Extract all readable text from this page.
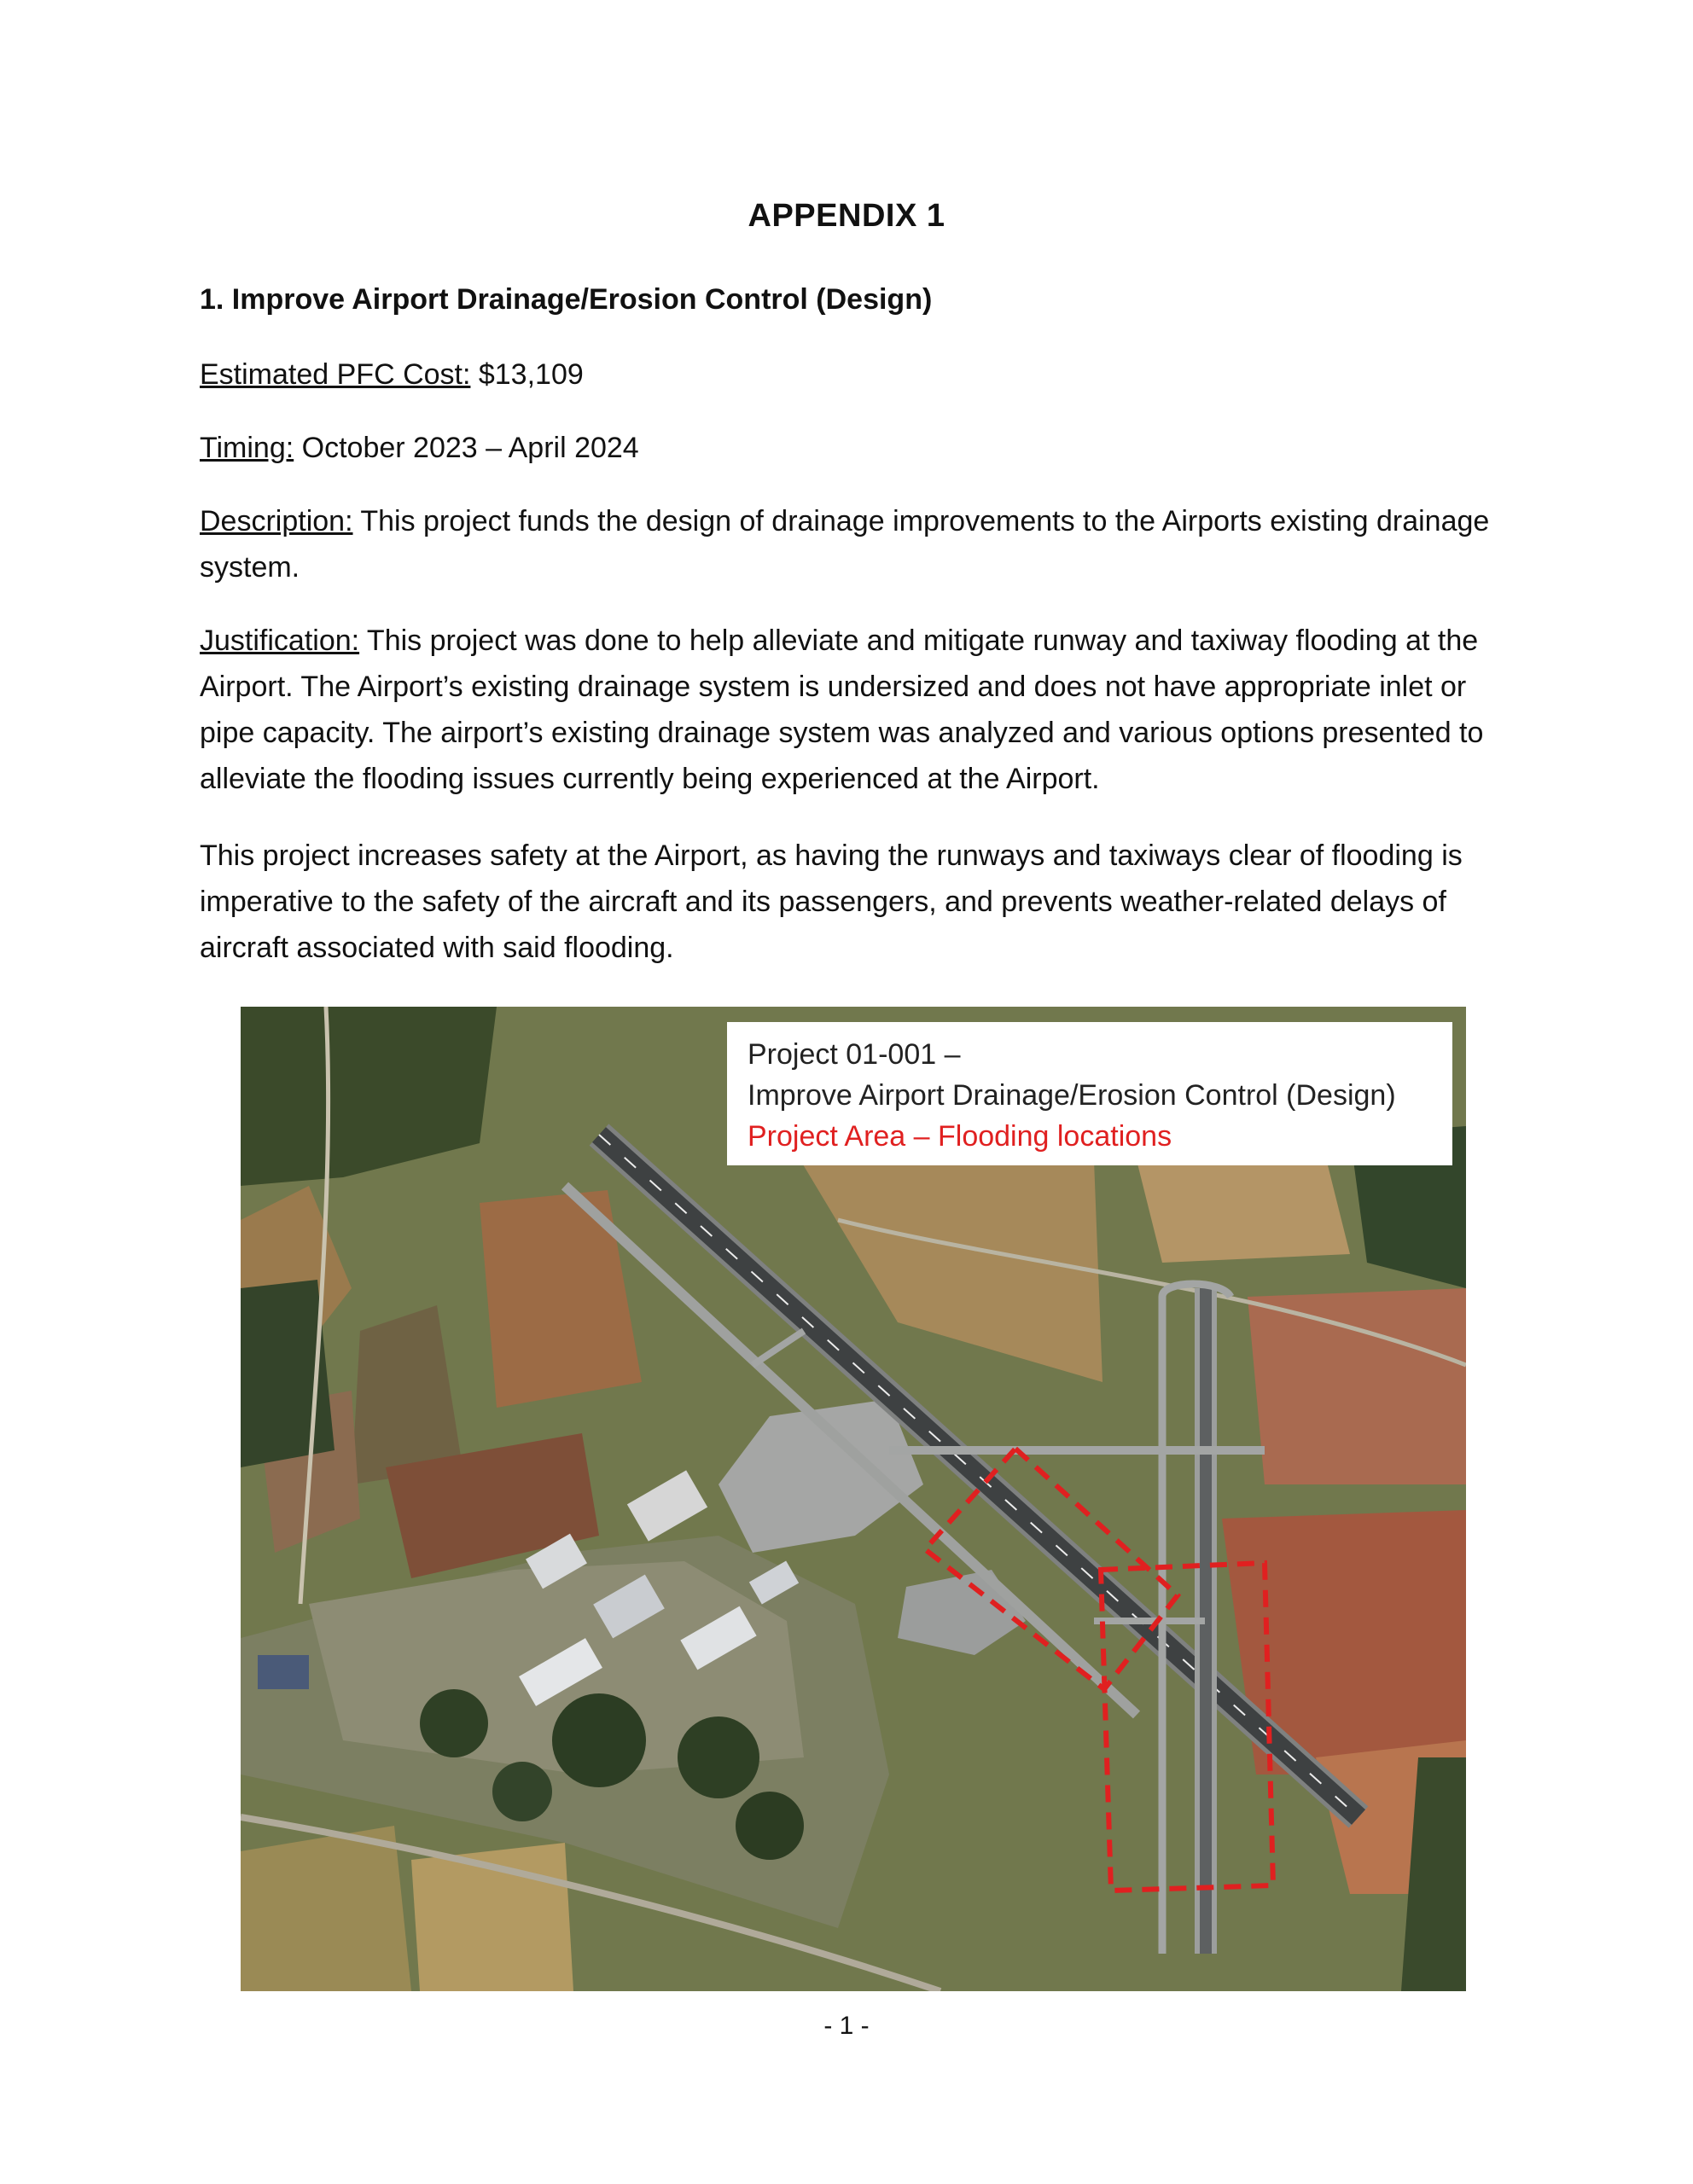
APPENDIX 1
1. Improve Airport Drainage/Erosion Control (Design)
Estimated PFC Cost: $13,109
Timing: October 2023 – April 2024
Description: This project funds the design of drainage improvements to the Airports existing drainage system.
Justification: This project was done to help alleviate and mitigate runway and taxiway flooding at the Airport. The Airport’s existing drainage system is undersized and does not have appropriate inlet or pipe capacity. The airport’s existing drainage system was analyzed and various options presented to alleviate the flooding issues currently being experienced at the Airport.
This project increases safety at the Airport, as having the runways and taxiways clear of flooding is imperative to the safety of the aircraft and its passengers, and prevents weather-related delays of aircraft associated with said flooding.
Project 01-001 –
Improve Airport Drainage/Erosion Control (Design)
Project Area – Flooding locations
- 1 -
